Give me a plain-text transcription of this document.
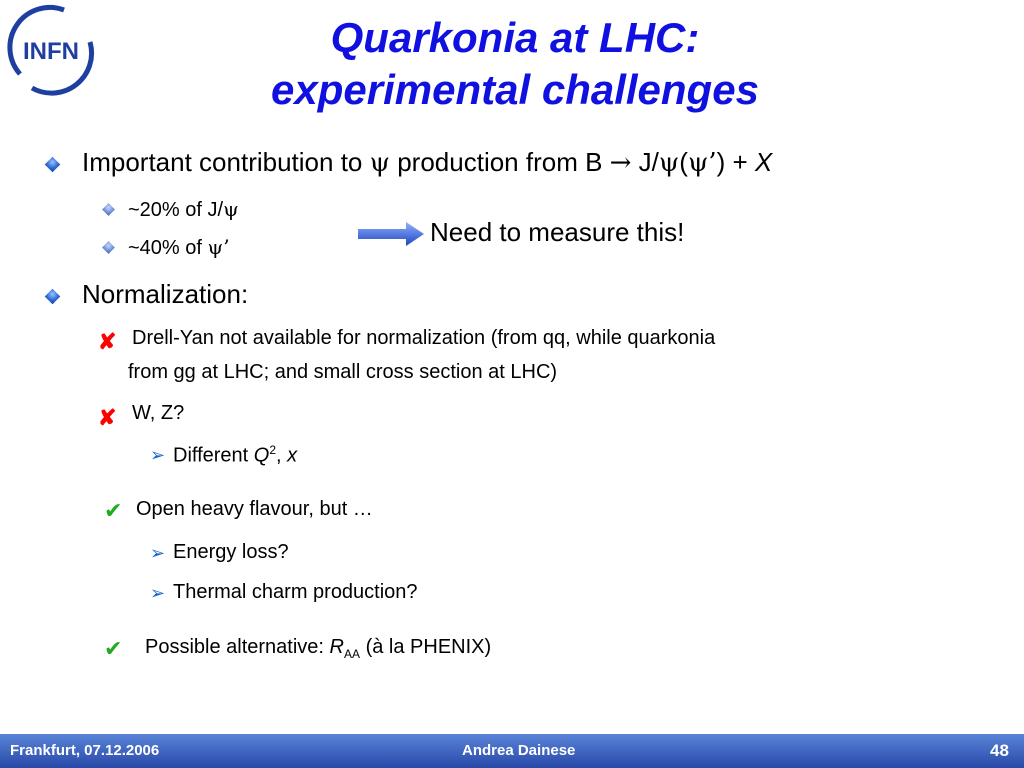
INFN	Quarkonia at LHC:
experimental challenges
Important contribution to ψ production from B → J/ψ(ψ’) + X
~20% of J/ψ
~40% of ψ’	Need to measure this!
Normalization:
✘ Drell-Yan not available for normalization (from qq, while quarkonia
from gg at LHC; and small cross section at LHC)
✘ W, Z?
➢ Different $Q^2$, x
✔ Open heavy flavour, but …
➢ Energy loss?
➢ Thermal charm production?
✔ Possible alternative: $R_{AA}$ (à la PHENIX)
Frankfurt, 07.12.2006	Andrea Dainese	48
